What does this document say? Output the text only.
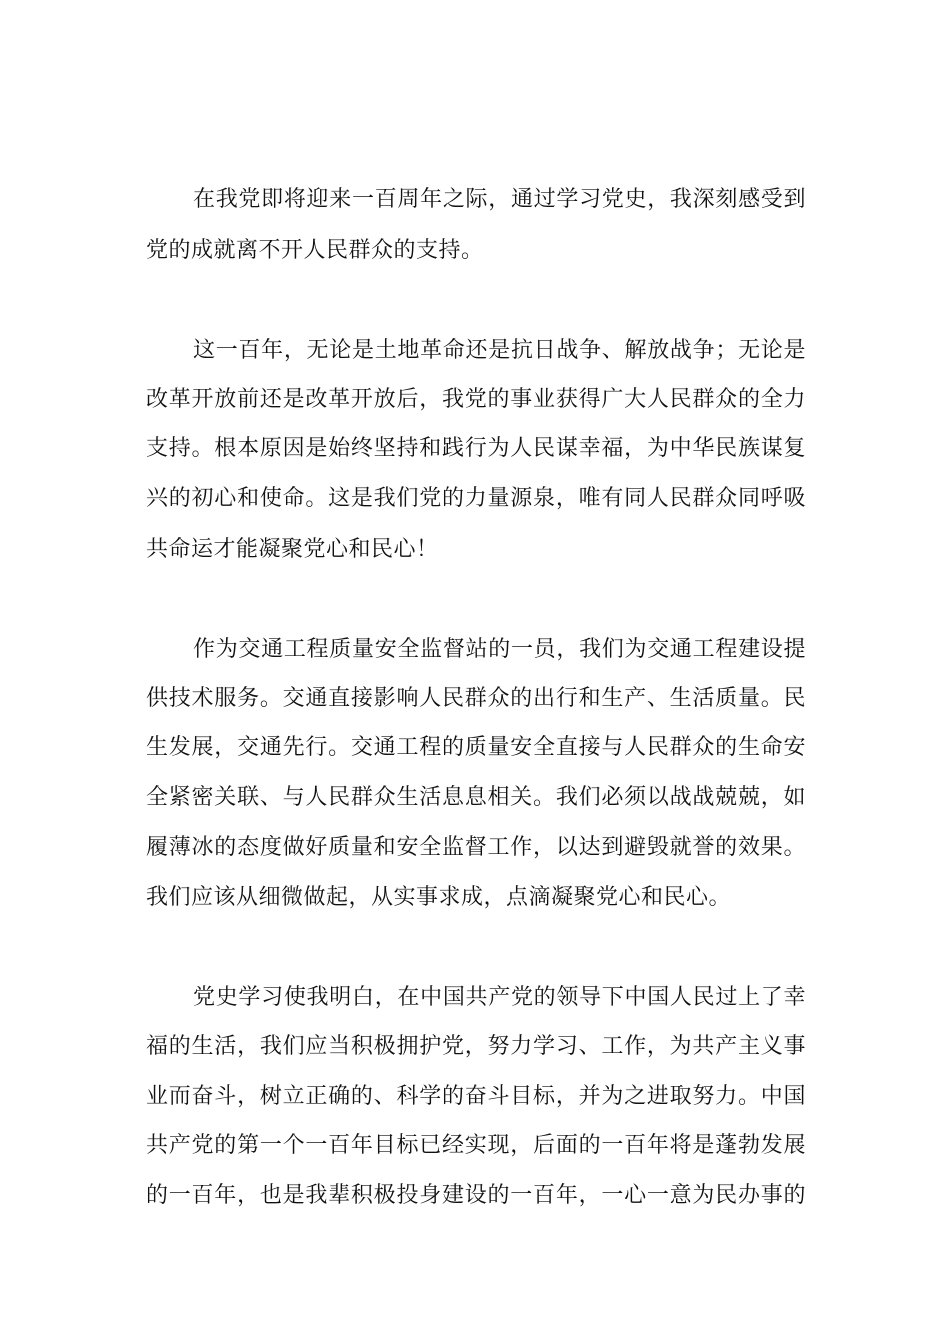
在我党即将迎来一百周年之际，通过学习党史，我深刻感受到

党的成就离不开人民群众的支持。

这一百年，无论是土地革命还是抗日战争、解放战争；无论是

改革开放前还是改革开放后，我党的事业获得广大人民群众的全力

支持。根本原因是始终坚持和践行为人民谋幸福，为中华民族谋复

兴的初心和使命。这是我们党的力量源泉，唯有同人民群众同呼吸

共命运才能凝聚党心和民心！

作为交通工程质量安全监督站的一员，我们为交通工程建设提

供技术服务。交通直接影响人民群众的出行和生产、生活质量。民

生发展，交通先行。交通工程的质量安全直接与人民群众的生命安

全紧密关联、与人民群众生活息息相关。我们必须以战战兢兢，如

履薄冰的态度做好质量和安全监督工作，以达到避毁就誉的效果。

我们应该从细微做起，从实事求成，点滴凝聚党心和民心。

党史学习使我明白，在中国共产党的领导下中国人民过上了幸

福的生活，我们应当积极拥护党，努力学习、工作，为共产主义事

业而奋斗，树立正确的、科学的奋斗目标，并为之进取努力。中国

共产党的第一个一百年目标已经实现，后面的一百年将是蓬勃发展

的一百年，也是我辈积极投身建设的一百年，一心一意为民办事的
